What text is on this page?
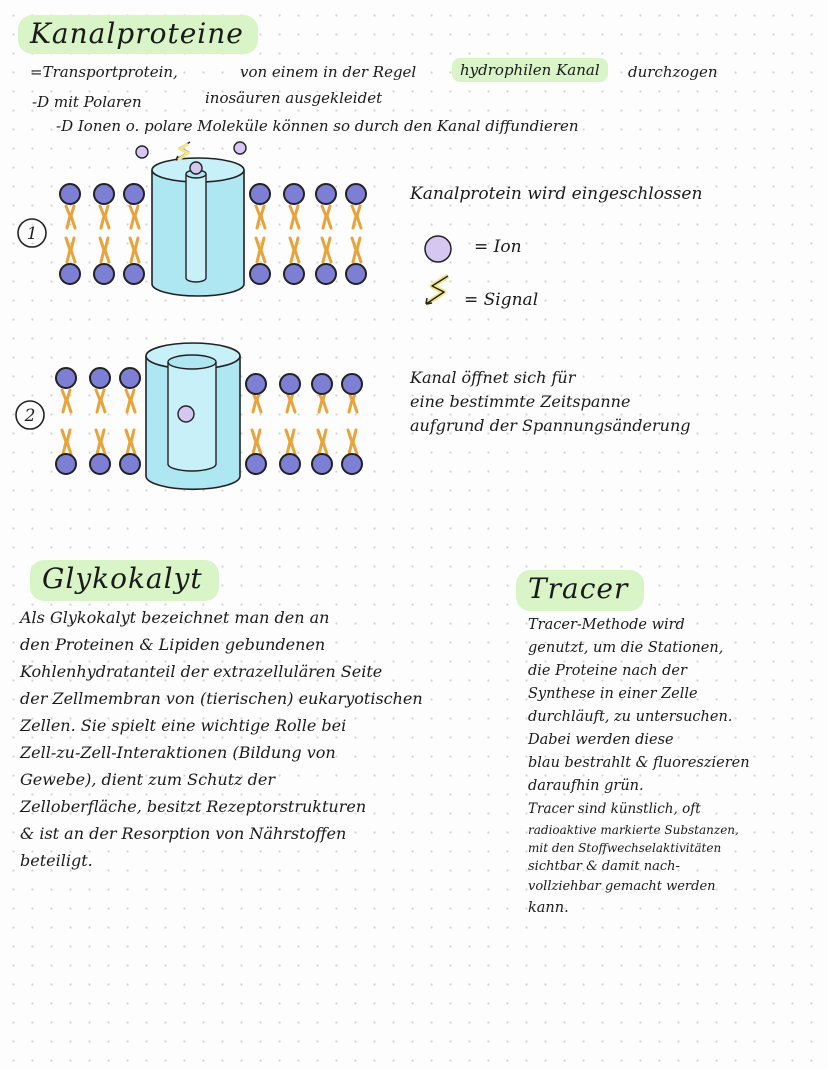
Kanalproteine
=Transportprotein,	von einem in der Regel	hydrophilen Kanal	durchzogen
-D mit Polaren	inosäuren ausgekleidet
-D Ionen o. polare Moleküle können so durch den Kanal diffundieren
1
Kanalprotein wird eingeschlossen
= Ion
= Signal
2
Kanal öffnet sich für
eine bestimmte Zeitspanne
aufgrund der Spannungsänderung
Glykokalyt
Als Glykokalyt bezeichnet man den an
den Proteinen & Lipiden gebundenen
Kohlenhydratanteil der extrazellulären Seite
der Zellmembran von (tierischen) eukaryotischen
Zellen. Sie spielt eine wichtige Rolle bei
Zell-zu-Zell-Interaktionen (Bildung von
Gewebe), dient zum Schutz der
Zelloberfläche, besitzt Rezeptorstrukturen
& ist an der Resorption von Nährstoffen
beteiligt.
Tracer
Tracer-Methode wird
genutzt, um die Stationen,
die Proteine nach der
Synthese in einer Zelle
durchläuft, zu untersuchen.
Dabei werden diese
blau bestrahlt & fluoreszieren
daraufhin grün.
Tracer sind künstlich, oft
radioaktive markierte Substanzen,
mit den Stoffwechselaktivitäten
sichtbar & damit nach-
vollziehbar gemacht werden
kann.
